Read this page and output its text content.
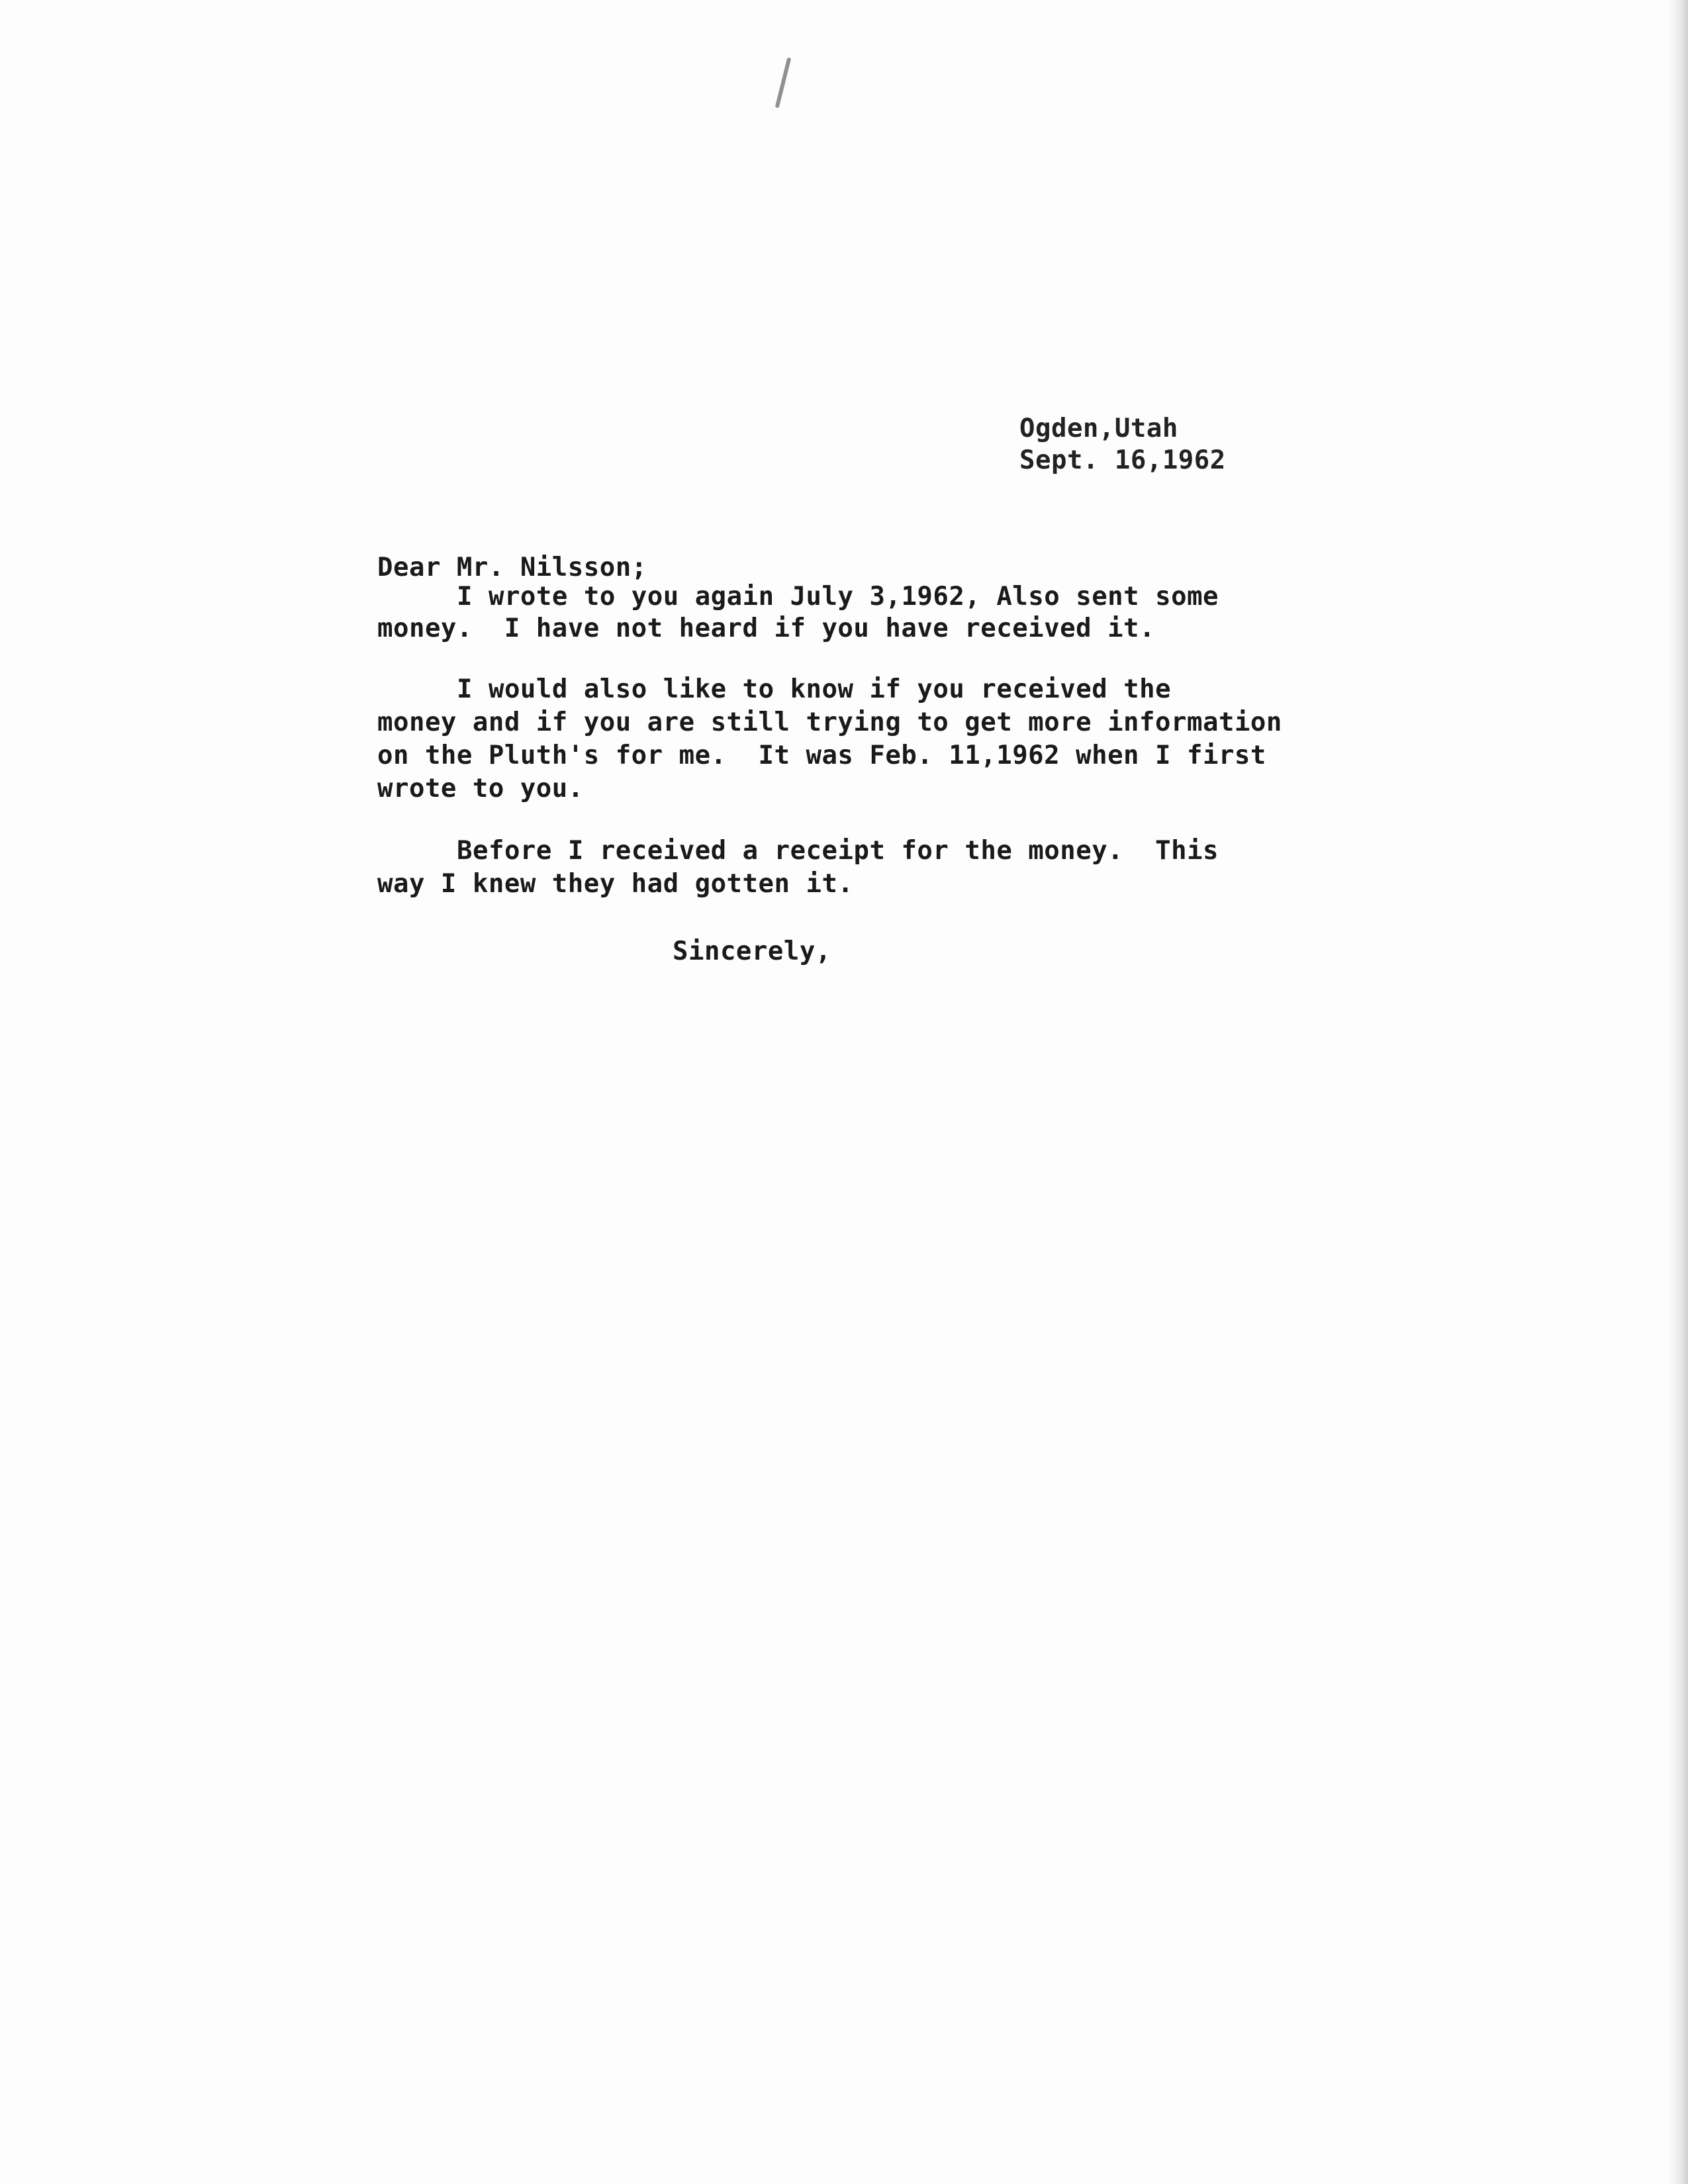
Ogden,Utah
Sept. 16,1962
Dear Mr. Nilsson;
I wrote to you again July 3,1962, Also sent some
money.  I have not heard if you have received it.
I would also like to know if you received the
money and if you are still trying to get more information
on the Pluth's for me.  It was Feb. 11,1962 when I first
wrote to you.
Before I received a receipt for the money.  This
way I knew they had gotten it.
Sincerely,
